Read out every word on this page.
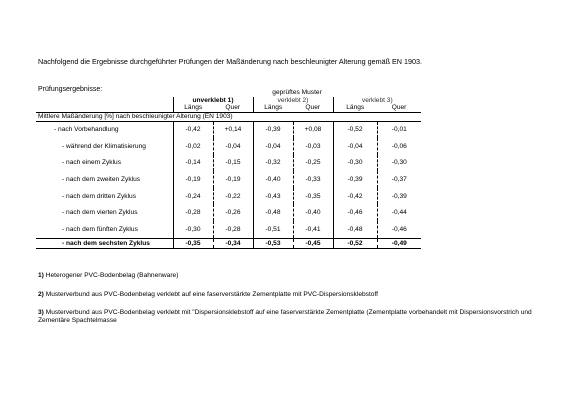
Nachfolgend die Ergebnisse durchgeführter Prüfungen der Maßänderung nach beschleunigter Alterung gemäß EN 1903.
Prüfungsergebnisse:
		geprüftes Muster					
	unverklebt 1)		verklebt 2)		verklebt 3)	
	Längs	Quer	Längs	Quer	Längs	Quer
Mittlere Maßänderung [%] nach beschleunigter Alterung (EN 1903)						
- nach Vorbehandlung	-0,42	+0,14	-0,39	+0,08	-0,52	-0,01
- während der Klimatisierung	-0,02	-0,04	-0,04	-0,03	-0,04	-0,06
- nach einem Zyklus	-0,14	-0,15	-0,32	-0,25	-0,30	-0,30
- nach dem zweiten Zyklus	-0,19	-0,19	-0,40	-0,33	-0,39	-0,37
- nach dem dritten Zyklus	-0,24	-0,22	-0,43	-0,35	-0,42	-0,39
- nach dem vierten Zyklus	-0,28	-0,26	-0,48	-0,40	-0,46	-0,44
- nach dem fünften Zyklus	-0,30	-0,28	-0,51	-0,41	-0,48	-0,46
- nach dem sechsten Zyklus	-0,35	-0,34	-0,53	-0,45	-0,52	-0,49
1) Heterogener PVC-Bodenbelag (Bahnenware)
2) Musterverbund aus PVC-Bodenbelag verklebt auf eine faserverstärkte Zementplatte mit PVC-Dispersionsklebstoff
3) Musterverbund aus PVC-Bodenbelag verklebt mit "Dispersionsklebstoff auf eine faserverstärkte Zementplatte (Zementplatte vorbehandelt mit Dispersionsvorstrich und Zementäre Spachtelmasse
